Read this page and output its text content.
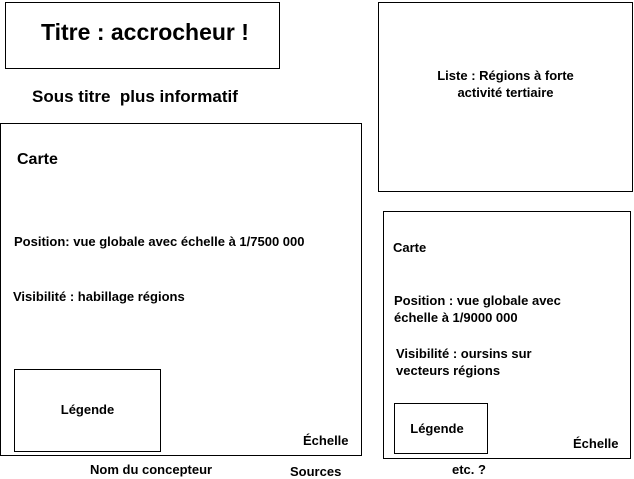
Titre : accrocheur !
Sous titre  plus informatif
Liste : Régions à forte
activité tertiaire
Carte
Position: vue globale avec échelle à 1/7500 000
Visibilité : habillage régions
Légende
Échelle
Carte
Position : vue globale avec
échelle à 1/9000 000
Visibilité : oursins sur
vecteurs régions
Légende
Échelle
Nom du concepteur	Sources	etc. ?
